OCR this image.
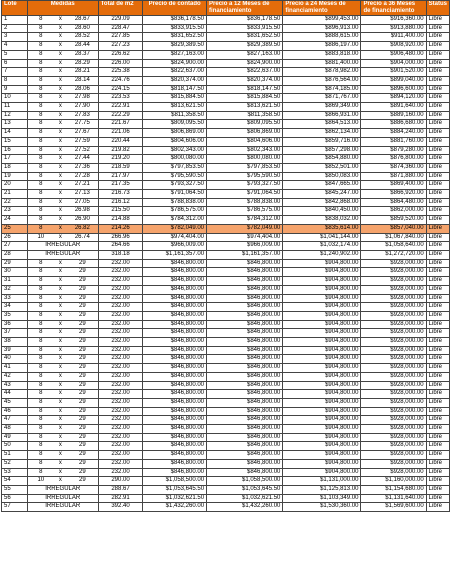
Lote	Medidas			Total de m2	Precio de contado	Precio a 12 Meses de financiamiento	Precio a 24 Meses de financiamiento	Precio a 36 Meses de financiamiento	Status
1	8	x	28.67	229.09	$836,178.50	$836,178.50	$899,453.00	$916,360.00	Libre
2	8	x	28.60	228.47	$833,915.50	$833,915.50	$896,913.00	$913,880.00	Libre
3	8	x	28.52	227.85	$831,652.50	$831,652.50	$888,615.00	$911,400.00	Libre
4	8	x	28.44	227.23	$829,389.50	$829,389.50	$886,197.00	$908,920.00	Libre
5	8	x	28.37	226.62	$827,163.00	$827,163.00	$883,818.00	$906,480.00	Libre
6	8	x	28.29	226.00	$824,900.00	$824,900.00	$881,400.00	$904,000.00	Libre
7	8	x	28.21	225.38	$822,637.00	$822,637.00	$878,982.00	$901,520.00	Libre
8	8	x	28.14	224.76	$820,374.00	$820,374.00	$876,564.00	$899,040.00	Libre
9	8	x	28.06	224.15	$818,147.50	$818,147.50	$874,185.00	$896,600.00	Libre
10	8	x	27.98	223.53	$815,884.50	$815,884.50	$871,767.00	$894,120.00	Libre
11	8	x	27.90	222.91	$813,621.50	$813,621.50	$869,349.00	$891,640.00	Libre
12	8	x	27.83	222.29	$811,358.50	$811,358.50	$866,931.00	$889,160.00	Libre
13	8	x	27.75	221.67	$809,095.50	$809,095.50	$864,513.00	$886,680.00	Libre
14	8	x	27.67	221.06	$806,869.00	$806,869.00	$862,134.00	$884,240.00	Libre
15	8	x	27.59	220.44	$804,606.00	$804,606.00	$859,716.00	$881,760.00	Libre
16	8	x	27.52	219.82	$802,343.00	$802,343.00	$857,298.00	$879,280.00	Libre
17	8	x	27.44	219.20	$800,080.00	$800,080.00	$854,880.00	$876,800.00	Libre
18	8	x	27.36	218.59	$797,853.50	$797,853.50	$852,501.00	$874,360.00	Libre
19	8	x	27.28	217.97	$795,590.50	$795,590.50	$850,083.00	$871,880.00	Libre
20	8	x	27.21	217.35	$793,327.50	$793,327.50	$847,665.00	$869,400.00	Libre
21	8	x	27.13	216.73	$791,064.50	$791,064.50	$845,247.00	$866,920.00	Libre
22	8	x	27.05	216.12	$788,838.00	$788,838.00	$842,868.00	$864,480.00	Libre
23	8	x	26.98	215.50	$786,575.00	$786,575.00	$840,450.00	$862,000.00	Libre
24	8	x	26.90	214.88	$784,312.00	$784,312.00	$838,032.00	$859,520.00	Libre
25	8	x	26.82	214.26	$782,049.00	$782,049.00	$835,614.00	$857,040.00	Libre
26	10	x	26.74	266.96	$974,404.00	$974,404.00	$1,041,144.00	$1,067,840.00	Libre
27	IRREGULAR			264.66	$966,009.00	$966,009.00	$1,032,174.00	$1,058,640.00	Libre
28	IRREGULAR			318.18	$1,161,357.00	$1,161,357.00	$1,240,902.00	$1,272,720.00	Libre
29	8	x	29	232.00	$846,800.00	$846,800.00	$904,800.00	$928,000.00	Libre
30	8	x	29	232.00	$846,800.00	$846,800.00	$904,800.00	$928,000.00	Libre
31	8	x	29	232.00	$846,800.00	$846,800.00	$904,800.00	$928,000.00	Libre
32	8	x	29	232.00	$846,800.00	$846,800.00	$904,800.00	$928,000.00	Libre
33	8	x	29	232.00	$846,800.00	$846,800.00	$904,800.00	$928,000.00	Libre
34	8	x	29	232.00	$846,800.00	$846,800.00	$904,800.00	$928,000.00	Libre
35	8	x	29	232.00	$846,800.00	$846,800.00	$904,800.00	$928,000.00	Libre
36	8	x	29	232.00	$846,800.00	$846,800.00	$904,800.00	$928,000.00	Libre
37	8	x	29	232.00	$846,800.00	$846,800.00	$904,800.00	$928,000.00	Libre
38	8	x	29	232.00	$846,800.00	$846,800.00	$904,800.00	$928,000.00	Libre
39	8	x	29	232.00	$846,800.00	$846,800.00	$904,800.00	$928,000.00	Libre
40	8	x	29	232.00	$846,800.00	$846,800.00	$904,800.00	$928,000.00	Libre
41	8	x	29	232.00	$846,800.00	$846,800.00	$904,800.00	$928,000.00	Libre
42	8	x	29	232.00	$846,800.00	$846,800.00	$904,800.00	$928,000.00	Libre
43	8	x	29	232.00	$846,800.00	$846,800.00	$904,800.00	$928,000.00	Libre
44	8	x	29	232.00	$846,800.00	$846,800.00	$904,800.00	$928,000.00	Libre
45	8	x	29	232.00	$846,800.00	$846,800.00	$904,800.00	$928,000.00	Libre
46	8	x	29	232.00	$846,800.00	$846,800.00	$904,800.00	$928,000.00	Libre
47	8	x	29	232.00	$846,800.00	$846,800.00	$904,800.00	$928,000.00	Libre
48	8	x	29	232.00	$846,800.00	$846,800.00	$904,800.00	$928,000.00	Libre
49	8	x	29	232.00	$846,800.00	$846,800.00	$904,800.00	$928,000.00	Libre
50	8	x	29	232.00	$846,800.00	$846,800.00	$904,800.00	$928,000.00	Libre
51	8	x	29	232.00	$846,800.00	$846,800.00	$904,800.00	$928,000.00	Libre
52	8	x	29	232.00	$846,800.00	$846,800.00	$904,800.00	$928,000.00	Libre
53	8	x	29	232.00	$846,800.00	$846,800.00	$904,800.00	$928,000.00	Libre
54	10	x	29	290.00	$1,058,500.00	$1,058,500.00	$1,131,000.00	$1,160,000.00	Libre
55	IRREGULAR			288.67	$1,053,645.50	$1,053,645.50	$1,125,813.00	$1,154,680.00	Libre
56	IRREGULAR			282.91	$1,032,621.50	$1,032,621.50	$1,103,349.00	$1,131,640.00	Libre
57	IRREGULAR			392.40	$1,432,260.00	$1,432,260.00	$1,530,360.00	$1,569,600.00	Libre
